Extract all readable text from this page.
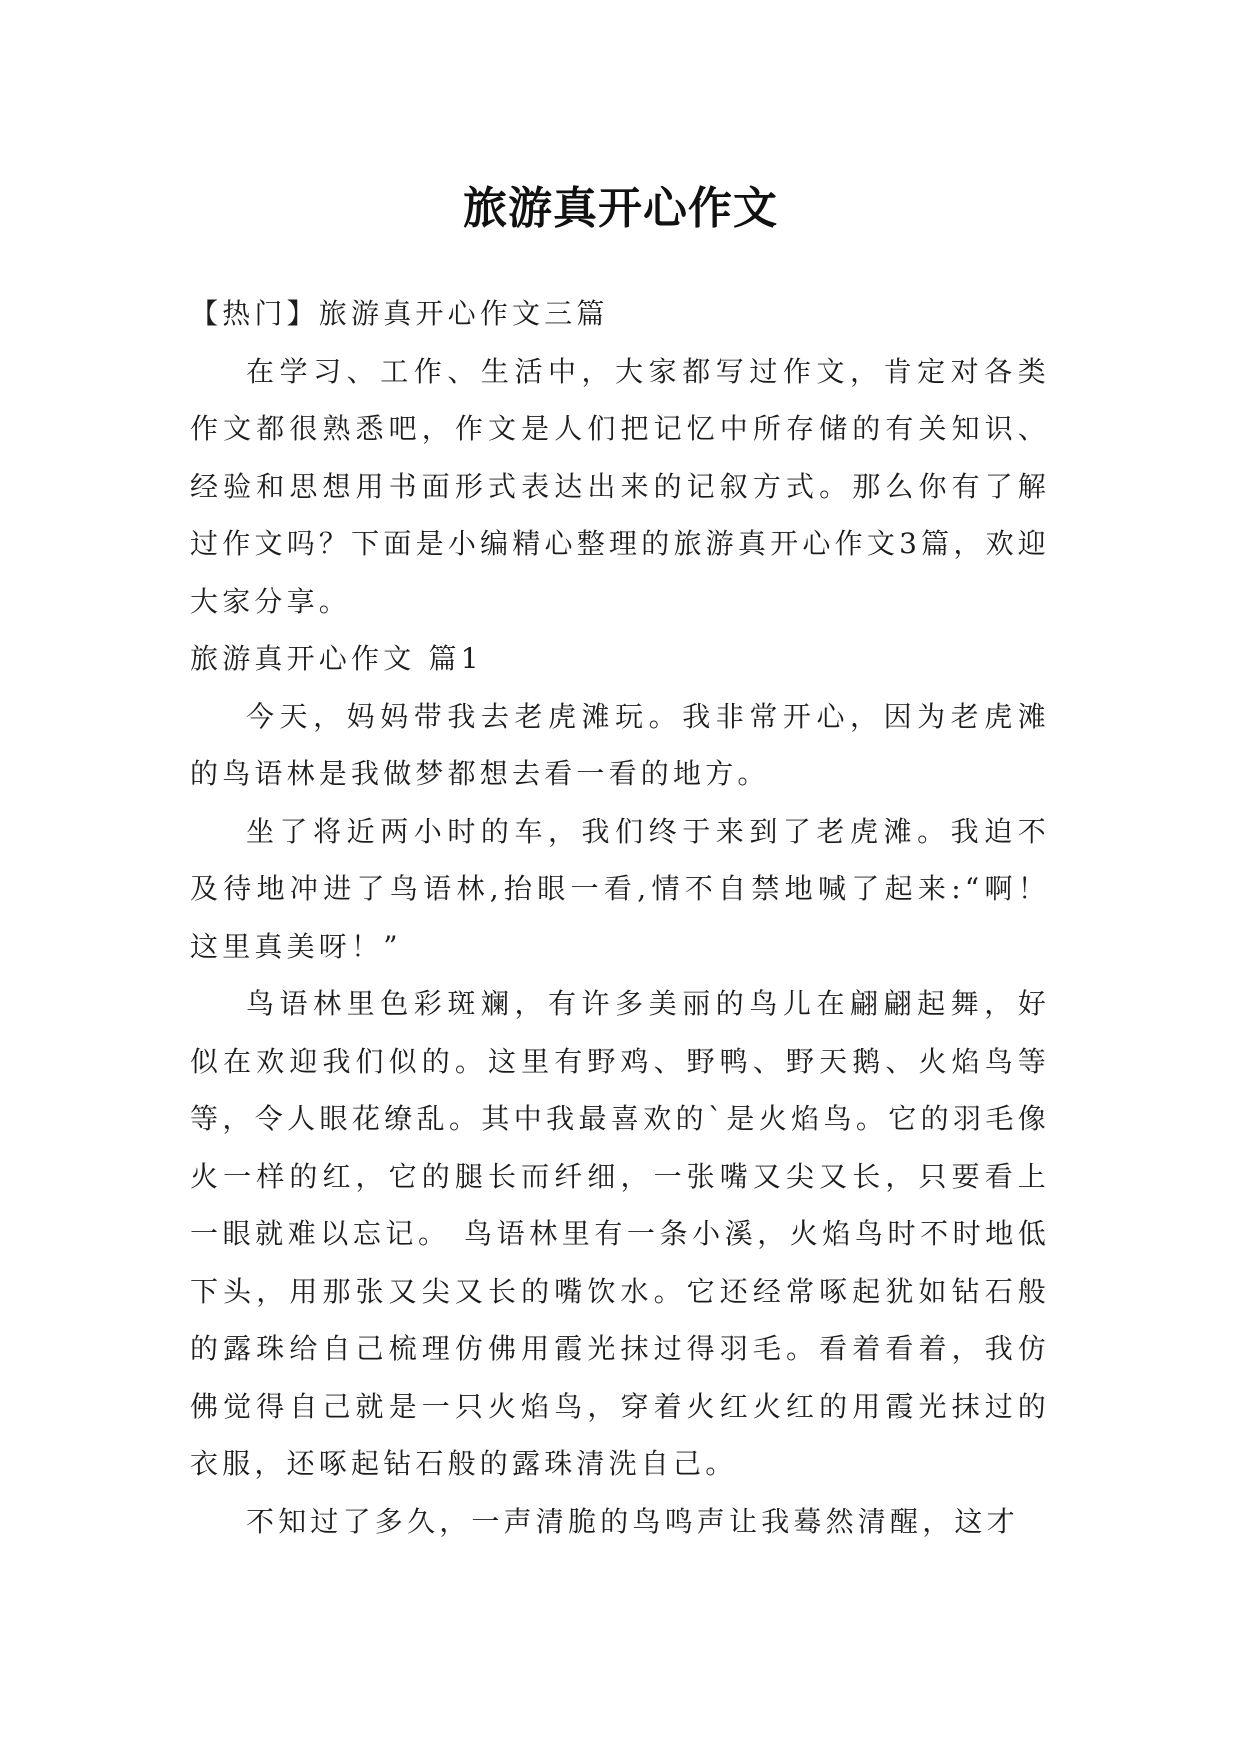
旅游真开心作文

【热门】旅游真开心作文三篇

在学习、工作、生活中，大家都写过作文，肯定对各类作文都很熟悉吧，作文是人们把记忆中所存储的有关知识、经验和思想用书面形式表达出来的记叙方式。那么你有了解过作文吗？下面是小编精心整理的旅游真开心作文3篇，欢迎大家分享。

旅游真开心作文 篇1

今天，妈妈带我去老虎滩玩。我非常开心，因为老虎滩的鸟语林是我做梦都想去看一看的地方。

坐了将近两小时的车，我们终于来到了老虎滩。我迫不及待地冲进了鸟语林,抬眼一看,情不自禁地喊了起来:“啊！这里真美呀！”

鸟语林里色彩斑斓，有许多美丽的鸟儿在翩翩起舞，好似在欢迎我们似的。这里有野鸡、野鸭、野天鹅、火焰鸟等等，令人眼花缭乱。其中我最喜欢的`是火焰鸟。它的羽毛像火一样的红，它的腿长而纤细，一张嘴又尖又长，只要看上一眼就难以忘记。 鸟语林里有一条小溪，火焰鸟时不时地低下头，用那张又尖又长的嘴饮水。它还经常啄起犹如钻石般的露珠给自己梳理仿佛用霞光抹过得羽毛。看着看着，我仿佛觉得自己就是一只火焰鸟，穿着火红火红的用霞光抹过的衣服，还啄起钻石般的露珠清洗自己。

不知过了多久，一声清脆的鸟鸣声让我蓦然清醒，这才
